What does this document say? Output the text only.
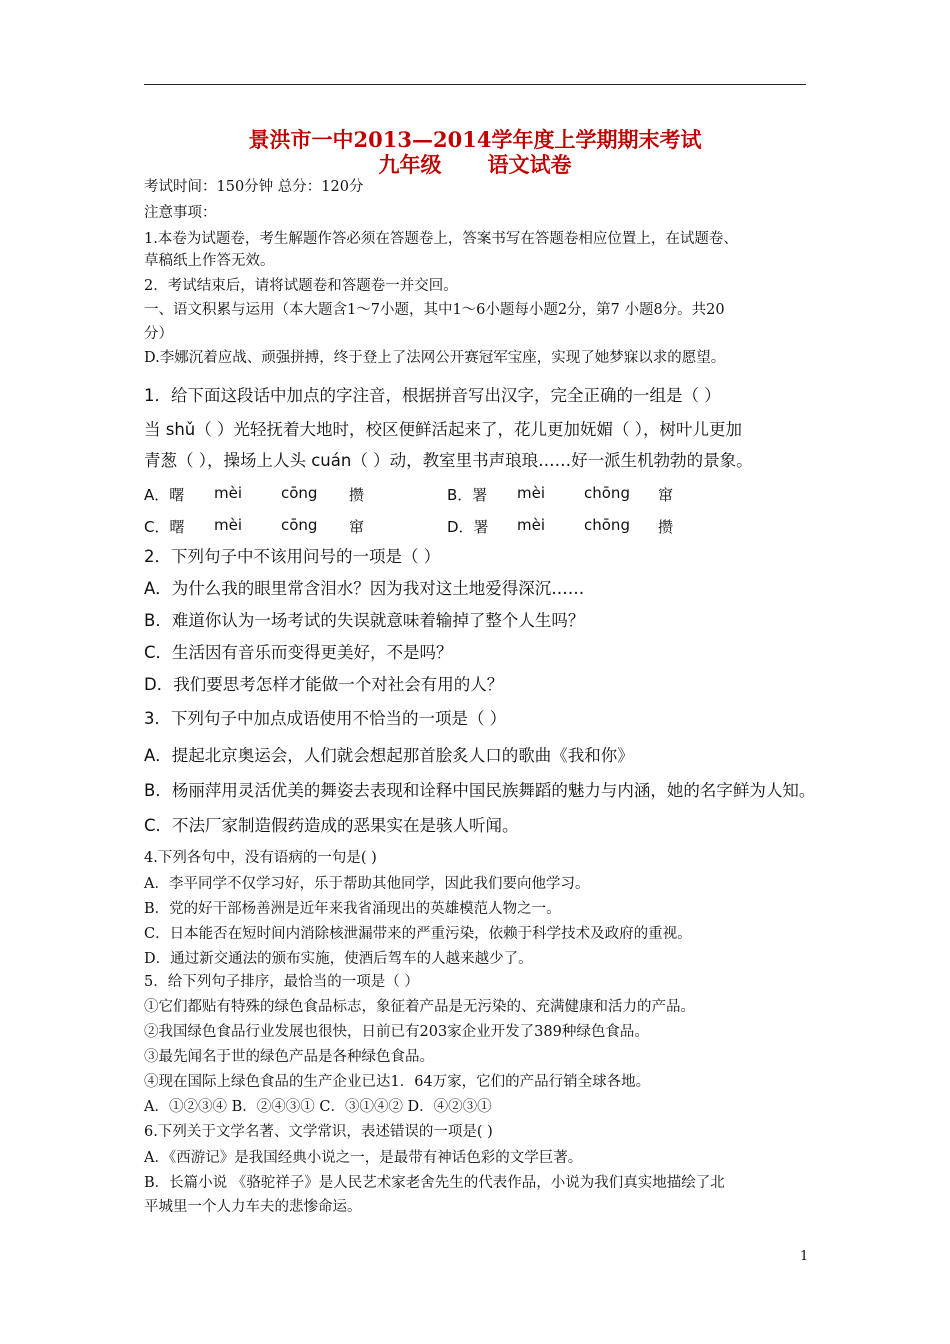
景洪市一中2013—2014学年度上学期期末考试
九年级 语文试卷

考试时间：150分钟 总分：120分

注意事项：

1.本卷为试题卷，考生解题作答必须在答题卷上，答案书写在答题卷相应位置上，在试题卷、

草稿纸上作答无效。

2．考试结束后，请将试题卷和答题卷一并交回。

一、语文积累与运用（本大题含1～7小题，其中1～6小题每小题2分，第7 小题8分。共20

分）

D.李娜沉着应战、顽强拼搏，终于登上了法网公开赛冠军宝座，实现了她梦寐以求的愿望。

1．给下面这段话中加点的字注音，根据拼音写出汉字，完全正确的一组是（ ）

当 shǔ（ ）光轻抚着大地时，校区便鲜活起来了，花儿更加妩媚（ ），树叶儿更加

青葱（ ），操场上人头 cuán（ ）动，教室里书声琅琅……好一派生机勃勃的景象。

A．曙 mèi	cōng 攒	B．署 mèi	chōng 窜
C．曙 mèi	cōng 窜	D．署 mèi	chōng 攒

2．下列句子中不该用问号的一项是（ ）

A．为什么我的眼里常含泪水？因为我对这土地爱得深沉……

B．难道你认为一场考试的失误就意味着输掉了整个人生吗？

C．生活因有音乐而变得更美好，不是吗？

D．我们要思考怎样才能做一个对社会有用的人？

3．下列句子中加点成语使用不恰当的一项是（ ）

A．提起北京奥运会，人们就会想起那首脍炙人口的歌曲《我和你》

B．杨丽萍用灵活优美的舞姿去表现和诠释中国民族舞蹈的魅力与内涵，她的名字鲜为人知。

C．不法厂家制造假药造成的恶果实在是骇人听闻。

4.下列各句中，没有语病的一句是( )

A．李平同学不仅学习好，乐于帮助其他同学，因此我们要向他学习。

B．党的好干部杨善洲是近年来我省涌现出的英雄模范人物之一。

C．日本能否在短时间内消除核泄漏带来的严重污染，依赖于科学技术及政府的重视。

D．通过新交通法的颁布实施，使酒后驾车的人越来越少了。

5．给下列句子排序，最恰当的一项是（ ）

①它们都贴有特殊的绿色食品标志，象征着产品是无污染的、充满健康和活力的产品。

②我国绿色食品行业发展也很快，日前已有203家企业开发了389种绿色食品。

③最先闻名于世的绿色产品是各种绿色食品。

④现在国际上绿色食品的生产企业已达1．64万家，它们的产品行销全球各地。

A．①②③④ B．②④③① C．③①④② D．④②③①

6.下列关于文学名著、文学常识，表述错误的一项是( )

A．《西游记》是我国经典小说之一，是最带有神话色彩的文学巨著。

B．长篇小说 《骆驼祥子》是人民艺术家老舍先生的代表作品，小说为我们真实地描绘了北

平城里一个人力车夫的悲惨命运。

1
